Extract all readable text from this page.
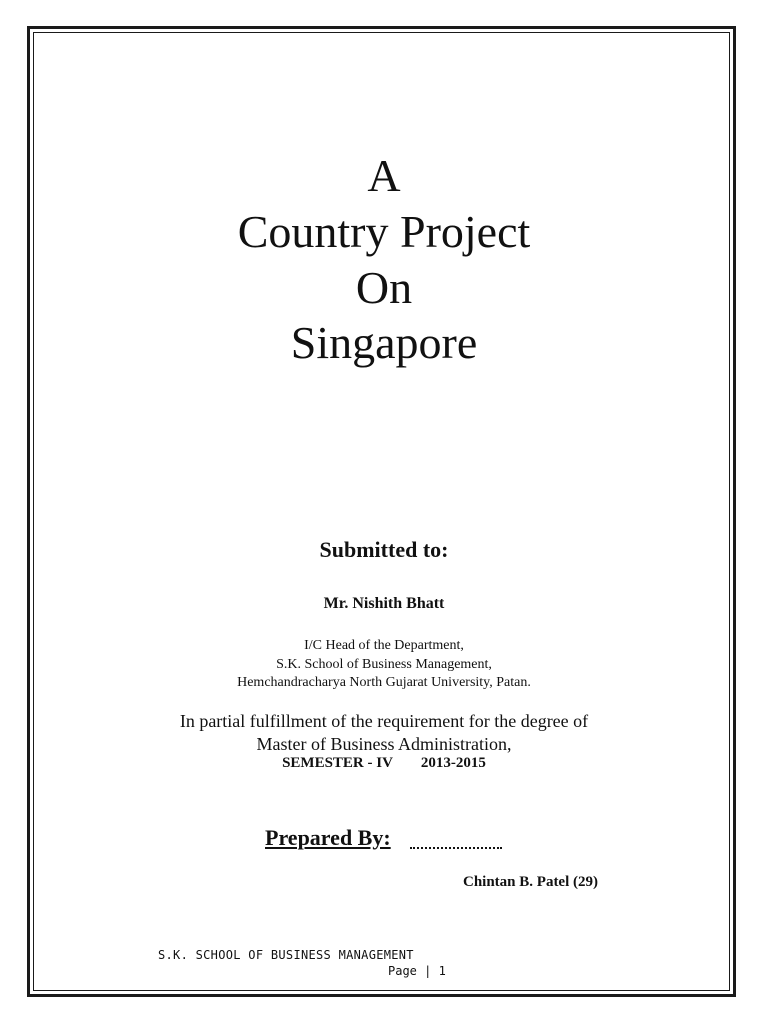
A
Country Project
On
Singapore
Submitted to:
Mr. Nishith Bhatt
I/C Head of the Department,
S.K. School of Business Management,
Hemchandracharya North Gujarat University, Patan.
In partial fulfillment of the requirement for the degree of
Master of Business Administration,
SEMESTER - IV 2013-2015
Prepared By:
Chintan B. Patel (29)
S.K. SCHOOL OF BUSINESS MANAGEMENT
Page | 1
